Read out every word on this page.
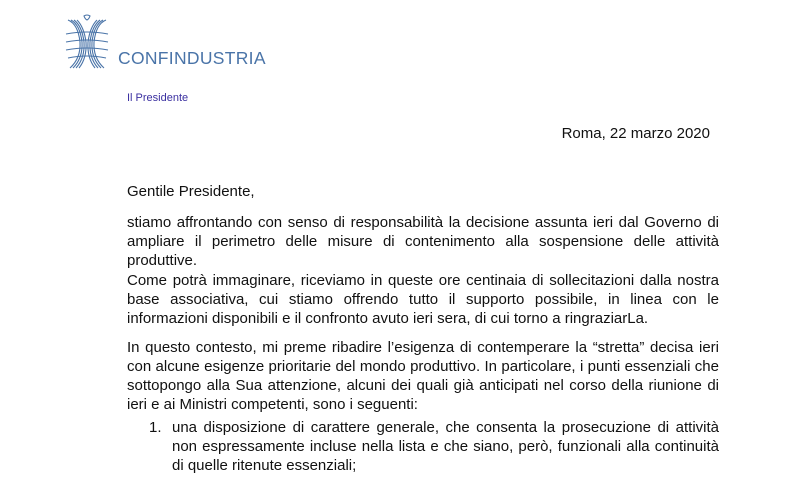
CONFINDUSTRIA
Il Presidente
Roma, 22 marzo 2020
Gentile Presidente,

stiamo affrontando con senso di responsabilità la decisione assunta ieri dal Governo di ampliare il perimetro delle misure di contenimento alla sospensione delle attività produttive.

Come potrà immaginare, riceviamo in queste ore centinaia di sollecitazioni dalla nostra base associativa, cui stiamo offrendo tutto il supporto possibile, in linea con le informazioni disponibili e il confronto avuto ieri sera, di cui torno a ringraziarLa.

In questo contesto, mi preme ribadire l’esigenza di contemperare la “stretta” decisa ieri con alcune esigenze prioritarie del mondo produttivo. In particolare, i punti essenziali che sottopongo alla Sua attenzione, alcuni dei quali già anticipati nel corso della riunione di ieri e ai Ministri competenti, sono i seguenti:

1. una disposizione di carattere generale, che consenta la prosecuzione di attività non espressamente incluse nella lista e che siano, però, funzionali alla continuità di quelle ritenute essenziali;
